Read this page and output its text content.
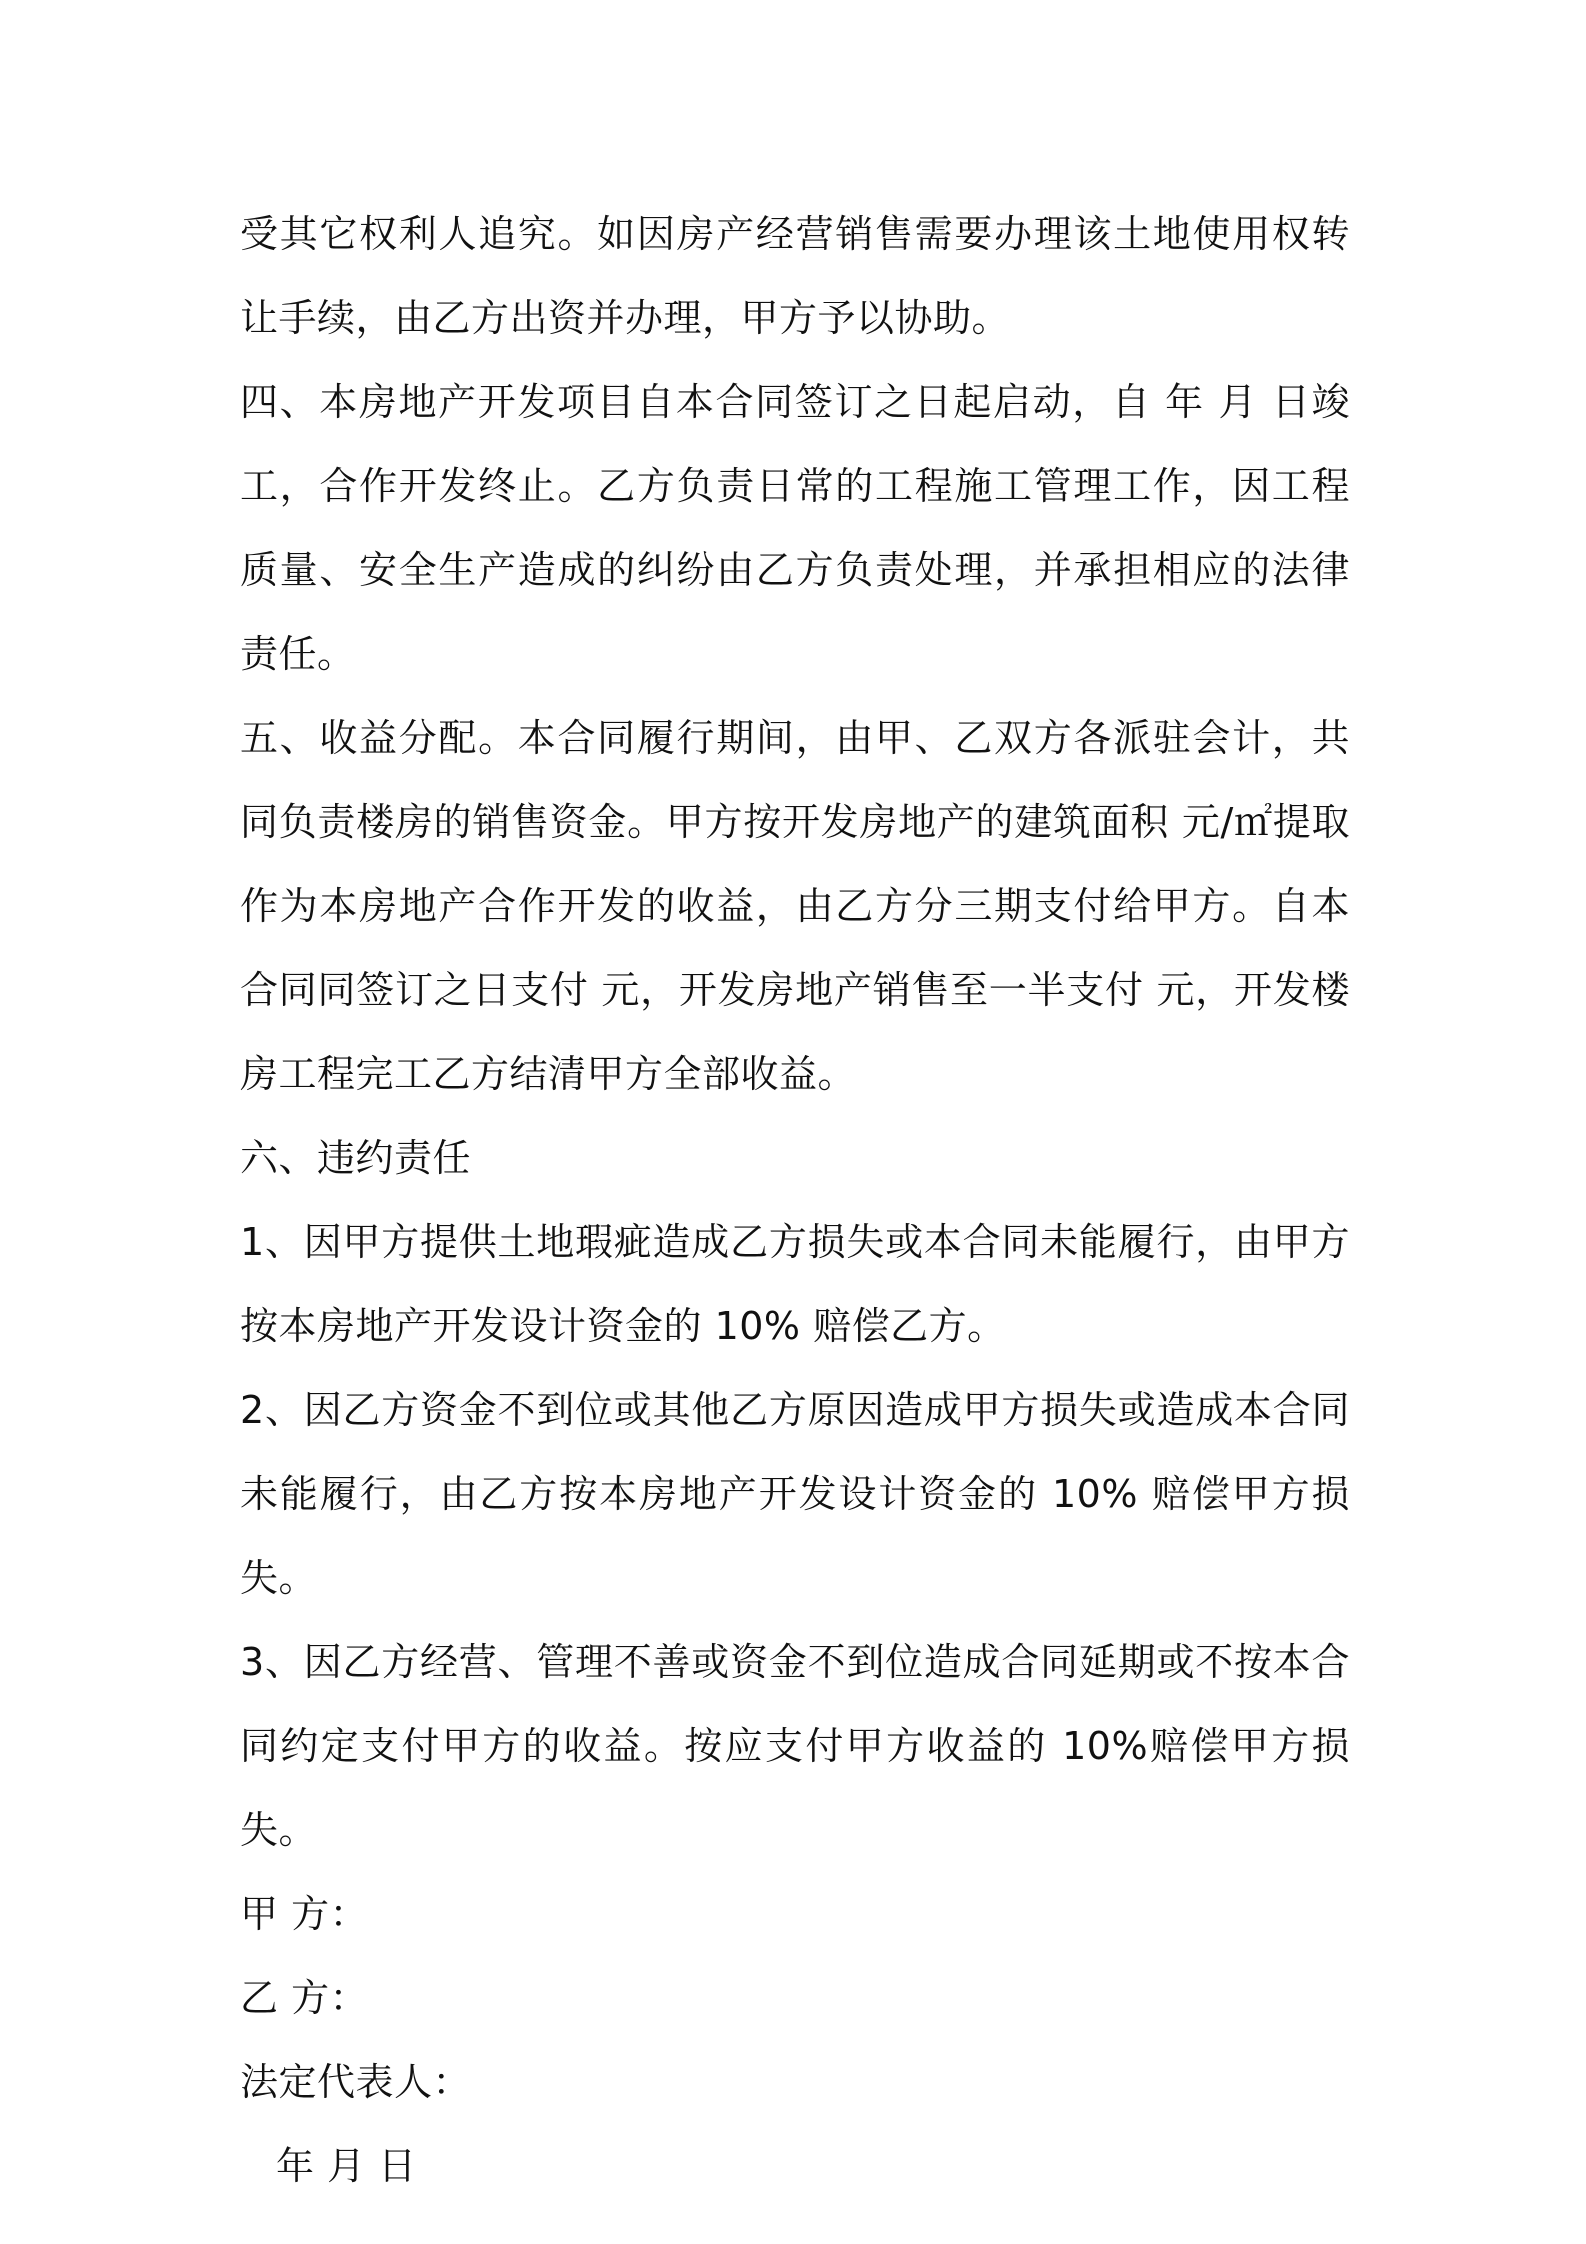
受其它权利人追究。如因房产经营销售需要办理该土地使用权转让手续，由乙方出资并办理，甲方予以协助。

四、本房地产开发项目自本合同签订之日起启动，自 年 月 日竣工，合作开发终止。乙方负责日常的工程施工管理工作，因工程质量、安全生产造成的纠纷由乙方负责处理，并承担相应的法律责任。

五、收益分配。本合同履行期间，由甲、乙双方各派驻会计，共同负责楼房的销售资金。甲方按开发房地产的建筑面积 元/㎡提取作为本房地产合作开发的收益，由乙方分三期支付给甲方。自本合同同签订之日支付 元，开发房地产销售至一半支付 元，开发楼房工程完工乙方结清甲方全部收益。

六、违约责任

1、因甲方提供土地瑕疵造成乙方损失或本合同未能履行，由甲方按本房地产开发设计资金的 10% 赔偿乙方。

2、因乙方资金不到位或其他乙方原因造成甲方损失或造成本合同未能履行，由乙方按本房地产开发设计资金的 10% 赔偿甲方损失。

3、因乙方经营、管理不善或资金不到位造成合同延期或不按本合同约定支付甲方的收益。按应支付甲方收益的 10%赔偿甲方损失。

甲 方：

乙 方：

法定代表人：

年 月 日
